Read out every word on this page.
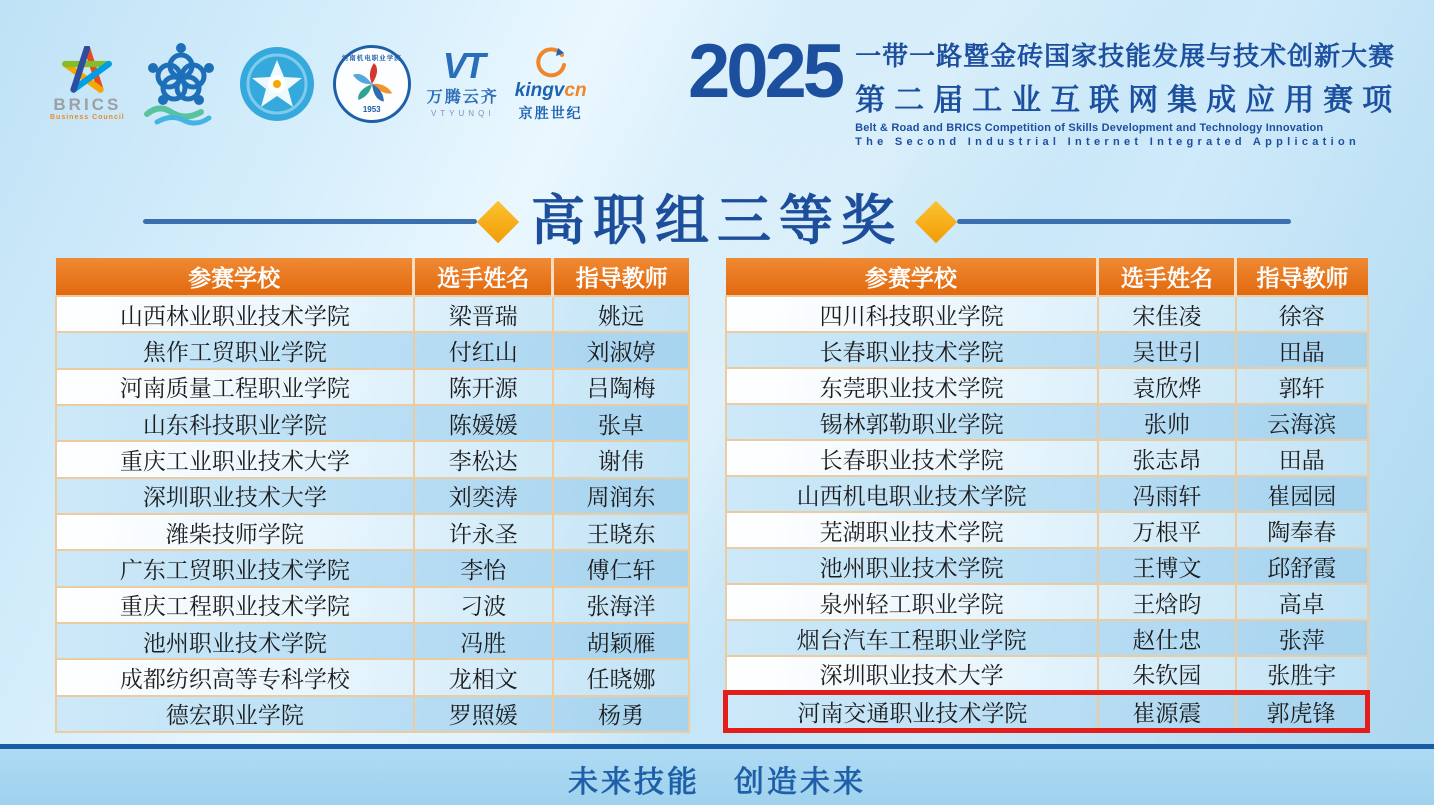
BRICS
Business Council
河南机电职业学院
1953
VT
万腾云齐
VTYUNQI
kingvcn
京胜世纪 2025 一带一路暨金砖国家技能发展与技术创新大赛
第二届工业互联网集成应用赛项
Belt & Road and BRICS Competition of Skills Development and Technology Innovation
The Second Industrial Internet Integrated Application
高职组三等奖
参赛学校	选手姓名	指导教师
山西林业职业技术学院	梁晋瑞	姚远
焦作工贸职业学院	付红山	刘淑婷
河南质量工程职业学院	陈开源	吕陶梅
山东科技职业学院	陈媛媛	张卓
重庆工业职业技术大学	李松达	谢伟
深圳职业技术大学	刘奕涛	周润东
潍柴技师学院	许永圣	王晓东
广东工贸职业技术学院	李怡	傅仁轩
重庆工程职业技术学院	刁波	张海洋
池州职业技术学院	冯胜	胡颖雁
成都纺织高等专科学校	龙相文	任晓娜
德宏职业学院	罗照媛	杨勇
参赛学校	选手姓名	指导教师
四川科技职业学院	宋佳凌	徐容
长春职业技术学院	吴世引	田晶
东莞职业技术学院	袁欣烨	郭轩
锡林郭勒职业学院	张帅	云海滨
长春职业技术学院	张志昂	田晶
山西机电职业技术学院	冯雨轩	崔园园
芜湖职业技术学院	万根平	陶奉春
池州职业技术学院	王博文	邱舒霞
泉州轻工职业学院	王焓昀	高卓
烟台汽车工程职业学院	赵仕忠	张萍
深圳职业技术大学	朱钦园	张胜宇
河南交通职业技术学院	崔源震	郭虎锋
未来技能 创造未来
